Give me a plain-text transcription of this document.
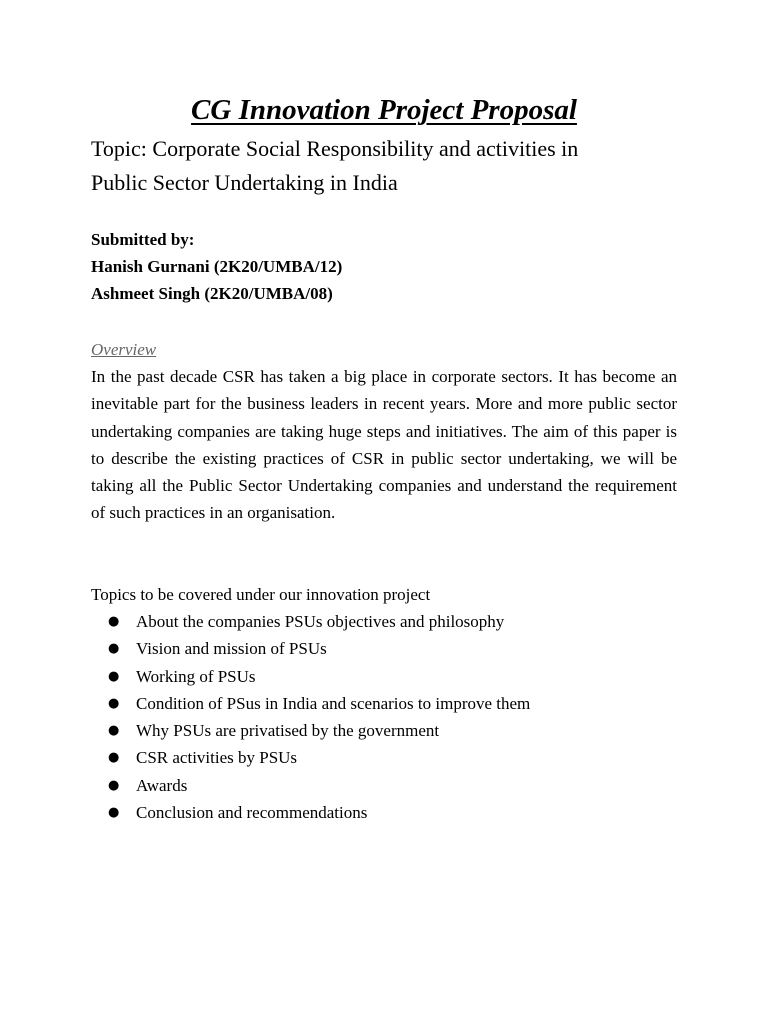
CG Innovation Project Proposal
Topic: Corporate Social Responsibility and activities in
Public Sector Undertaking in India
Submitted by:
Hanish Gurnani (2K20/UMBA/12)
Ashmeet Singh (2K20/UMBA/08)
Overview

In the past decade CSR has taken a big place in corporate sectors. It has become an inevitable part for the business leaders in recent years. More and more public sector undertaking companies are taking huge steps and initiatives. The aim of this paper is to describe the existing practices of CSR in public sector undertaking, we will be taking all the Public Sector Undertaking companies and understand the requirement of such practices in an organisation.

Topics to be covered under our innovation project
● About the companies PSUs objectives and philosophy
● Vision and mission of PSUs
● Working of PSUs
● Condition of PSus in India and scenarios to improve them
● Why PSUs are privatised by the government
● CSR activities by PSUs
● Awards
● Conclusion and recommendations
